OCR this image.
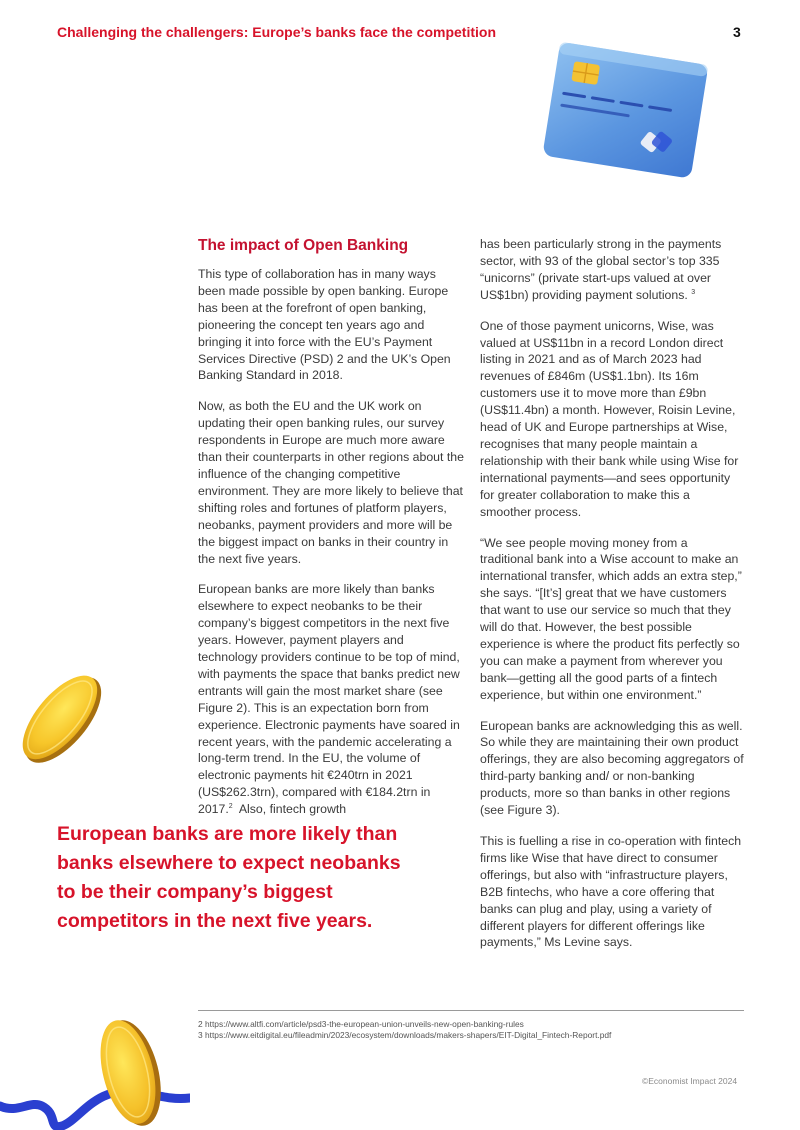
Challenging the challengers: Europe’s banks face the competition	3
The impact of Open Banking

This type of collaboration has in many ways been made possible by open banking. Europe has been at the forefront of open banking, pioneering the concept ten years ago and bringing it into force with the EU’s Payment Services Directive (PSD) 2 and the UK’s Open Banking Standard in 2018.

Now, as both the EU and the UK work on updating their open banking rules, our survey respondents in Europe are much more aware than their counterparts in other regions about the influence of the changing competitive environment. They are more likely to believe that shifting roles and fortunes of platform players, neobanks, payment providers and more will be the biggest impact on banks in their country in the next five years.

European banks are more likely than banks elsewhere to expect neobanks to be their company’s biggest competitors in the next five years. However, payment players and technology providers continue to be top of mind, with payments the space that banks predict new entrants will gain the most market share (see Figure 2). This is an expectation born from experience. Electronic payments have soared in recent years, with the pandemic accelerating a long-term trend. In the EU, the volume of electronic payments hit €240trn in 2021 (US$262.3trn), compared with €184.2trn in 2017.$^2$  Also, fintech growth

has been particularly strong in the payments sector, with 93 of the global sector’s top 335 “unicorns” (private start-ups valued at over US$1bn) providing payment solutions. $^3$

One of those payment unicorns, Wise, was valued at US$11bn in a record London direct listing in 2021 and as of March 2023 had revenues of £846m (US$1.1bn). Its 16m customers use it to move more than £9bn (US$11.4bn) a month. However, Roisin Levine, head of UK and Europe partnerships at Wise, recognises that many people maintain a relationship with their bank while using Wise for international payments—and sees opportunity for greater collaboration to make this a smoother process.

“We see people moving money from a traditional bank into a Wise account to make an international transfer, which adds an extra step,” she says. “[It’s] great that we have customers that want to use our service so much that they will do that. However, the best possible experience is where the product fits perfectly so you can make a payment from wherever you bank—getting all the good parts of a fintech experience, but within one environment.”

European banks are acknowledging this as well. So while they are maintaining their own product offerings, they are also becoming aggregators of third-party banking and/ or non-banking products, more so than banks in other regions (see Figure 3).

This is fuelling a rise in co-operation with fintech firms like Wise that have direct to consumer offerings, but also with “infrastructure players, B2B fintechs, who have a core offering that banks can plug and play, using a variety of different players for different offerings like payments,” Ms Levine says.

European banks are more likely than banks elsewhere to expect neobanks to be their company’s biggest competitors in the next five years.

2 https://www.altfi.com/article/psd3-the-european-union-unveils-new-open-banking-rules
3 https://www.eitdigital.eu/fileadmin/2023/ecosystem/downloads/makers-shapers/EIT-Digital_Fintech-Report.pdf
©Economist Impact 2024
